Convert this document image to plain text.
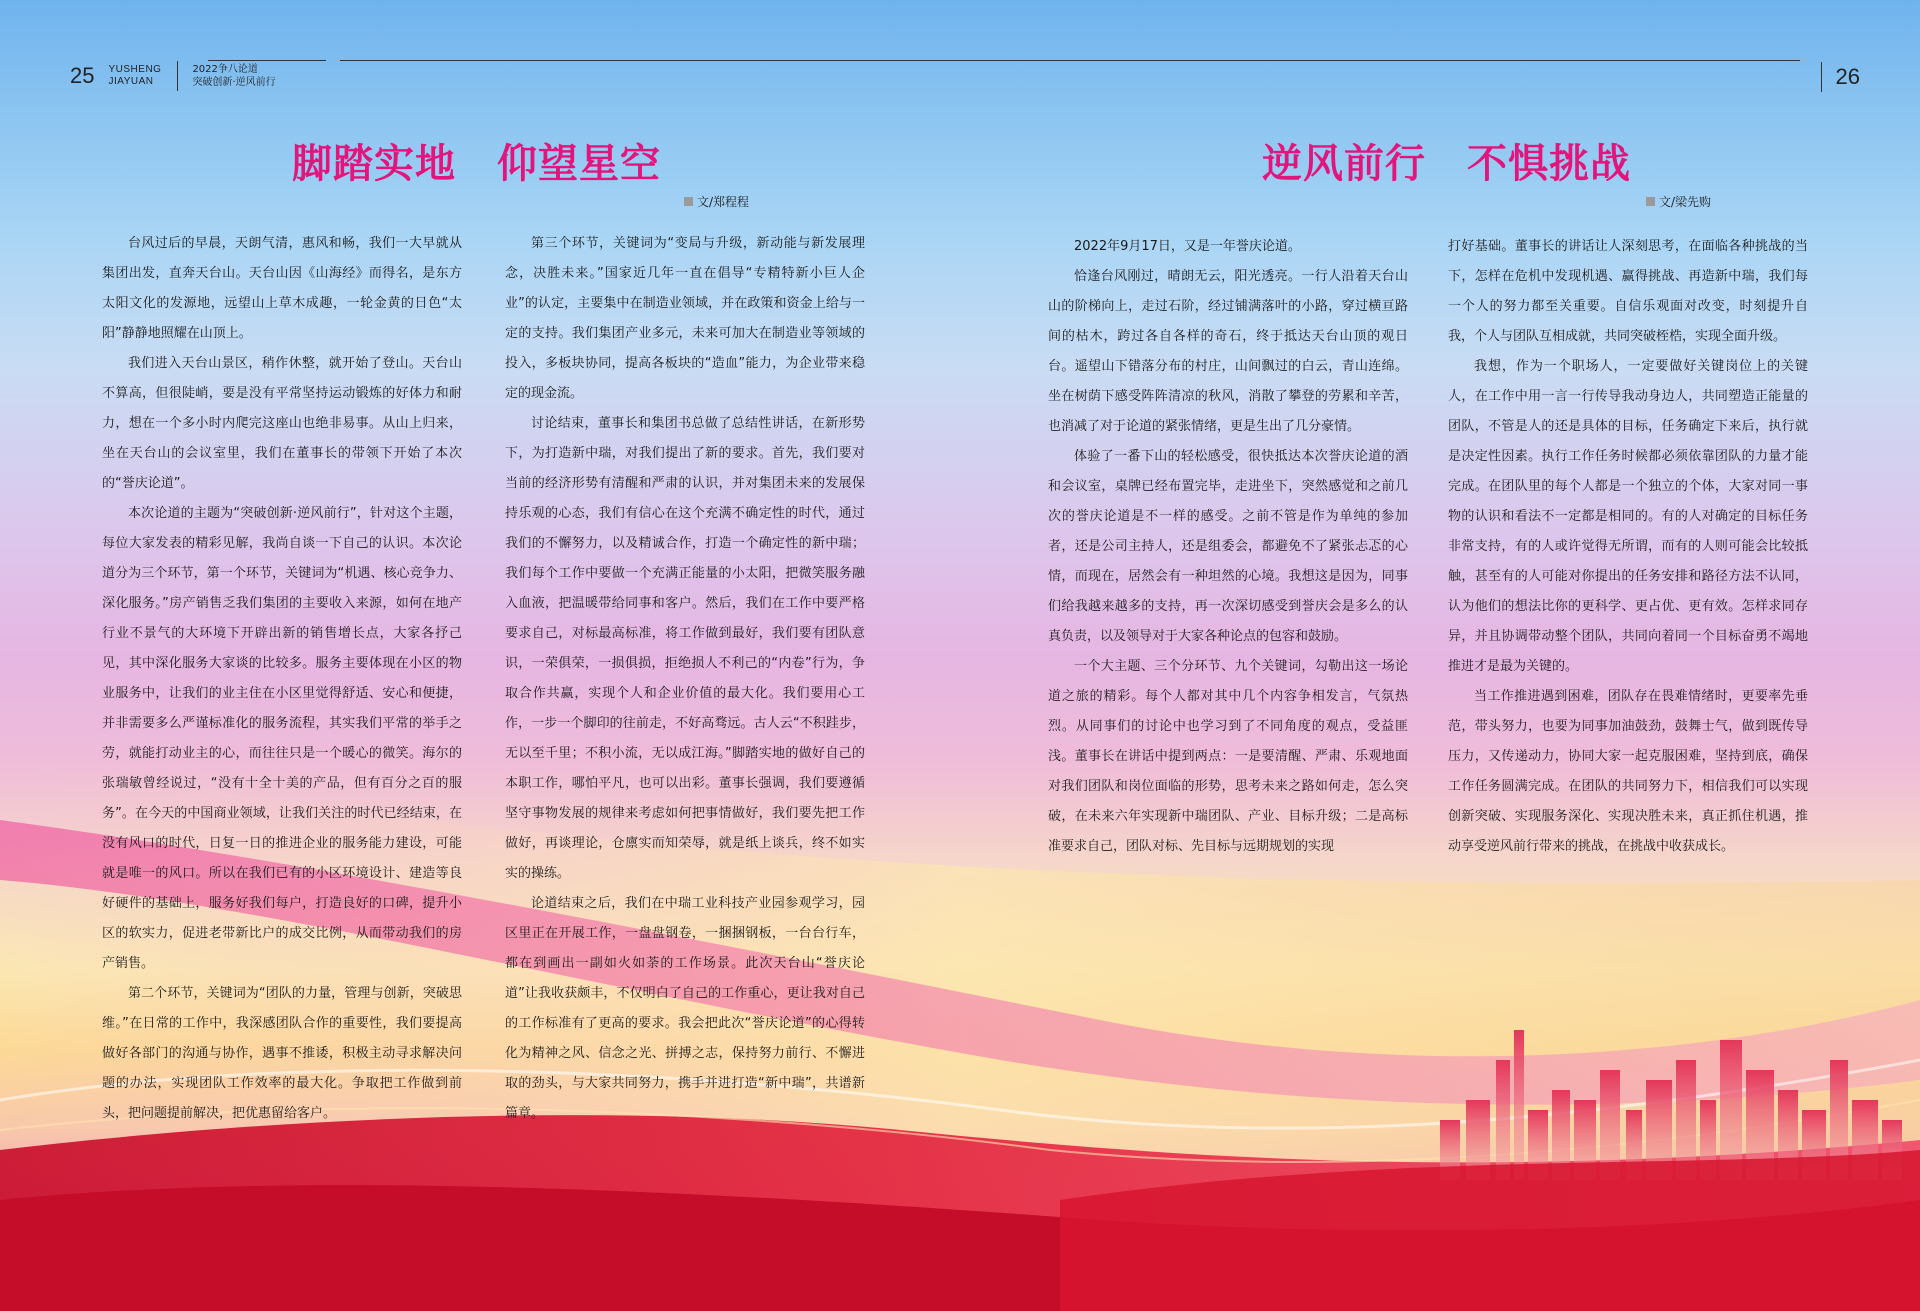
25 YUSHENG
JIAYUAN
2022争八论道
突破创新·逆风前行	26
脚踏实地　仰望星空
文/郑程程
逆风前行　不惧挑战
文/梁先购

台风过后的早晨，天朗气清，惠风和畅，我们一大早就从集团出发，直奔天台山。天台山因《山海经》而得名，是东方太阳文化的发源地，远望山上草木成趣，一轮金黄的日色“太阳”静静地照耀在山顶上。

我们进入天台山景区，稍作休整，就开始了登山。天台山不算高，但很陡峭，要是没有平常坚持运动锻炼的好体力和耐力，想在一个多小时内爬完这座山也绝非易事。从山上归来，坐在天台山的会议室里，我们在董事长的带领下开始了本次的“誉庆论道”。

本次论道的主题为“突破创新·逆风前行”，针对这个主题，每位大家发表的精彩见解，我尚自谈一下自己的认识。本次论道分为三个环节，第一个环节，关键词为“机遇、核心竞争力、深化服务。”房产销售乏我们集团的主要收入来源，如何在地产行业不景气的大环境下开辟出新的销售增长点，大家各抒己见，其中深化服务大家谈的比较多。服务主要体现在小区的物业服务中，让我们的业主住在小区里觉得舒适、安心和便捷，并非需要多么严谨标准化的服务流程，其实我们平常的举手之劳，就能打动业主的心，而往往只是一个暖心的微笑。海尔的张瑞敏曾经说过，“没有十全十美的产品，但有百分之百的服务”。在今天的中国商业领域，让我们关注的时代已经结束，在没有风口的时代，日复一日的推进企业的服务能力建设，可能就是唯一的风口。所以在我们已有的小区环境设计、建造等良好硬件的基础上，服务好我们每户，打造良好的口碑，提升小区的软实力，促进老带新比户的成交比例，从而带动我们的房产销售。

第二个环节，关键词为“团队的力量，管理与创新，突破思维。”在日常的工作中，我深感团队合作的重要性，我们要提高做好各部门的沟通与协作，遇事不推诿，积极主动寻求解决问题的办法，实现团队工作效率的最大化。争取把工作做到前头，把问题提前解决，把优惠留给客户。

第三个环节，关键词为“变局与升级，新动能与新发展理念，决胜未来。”国家近几年一直在倡导“专精特新小巨人企业”的认定，主要集中在制造业领域，并在政策和资金上给与一定的支持。我们集团产业多元，未来可加大在制造业等领域的投入，多板块协同，提高各板块的“造血”能力，为企业带来稳定的现金流。

讨论结束，董事长和集团书总做了总结性讲话，在新形势下，为打造新中瑞，对我们提出了新的要求。首先，我们要对当前的经济形势有清醒和严肃的认识，并对集团未来的发展保持乐观的心态，我们有信心在这个充满不确定性的时代，通过我们的不懈努力，以及精诚合作，打造一个确定性的新中瑞；我们每个工作中要做一个充满正能量的小太阳，把微笑服务融入血液，把温暖带给同事和客户。然后，我们在工作中要严格要求自己，对标最高标准，将工作做到最好，我们要有团队意识，一荣俱荣，一损俱损，拒绝损人不利己的“内卷”行为，争取合作共赢，实现个人和企业价值的最大化。我们要用心工作，一步一个脚印的往前走，不好高骛远。古人云“不积跬步，无以至千里；不积小流，无以成江海。”脚踏实地的做好自己的本职工作，哪怕平凡，也可以出彩。董事长强调，我们要遵循坚守事物发展的规律来考虑如何把事情做好，我们要先把工作做好，再谈理论，仓廪实而知荣辱，就是纸上谈兵，终不如实实的操练。

论道结束之后，我们在中瑞工业科技产业园参观学习，园区里正在开展工作，一盘盘钢卷，一捆捆钢板，一台台行车，都在到画出一副如火如荼的工作场景。此次天台山“誉庆论道”让我收获颇丰，不仅明白了自己的工作重心，更让我对自己的工作标准有了更高的要求。我会把此次“誉庆论道”的心得转化为精神之风、信念之光、拼搏之志，保持努力前行、不懈进取的劲头，与大家共同努力，携手并进打造“新中瑞”，共谱新篇章。

2022年9月17日，又是一年誉庆论道。

恰逢台风刚过，晴朗无云，阳光透亮。一行人沿着天台山山的阶梯向上，走过石阶，经过铺满落叶的小路，穿过横亘路间的枯木，跨过各自各样的奇石，终于抵达天台山顶的观日台。遥望山下错落分布的村庄，山间飘过的白云，青山连绵。坐在树荫下感受阵阵清凉的秋风，消散了攀登的劳累和辛苦，也消减了对于论道的紧张情绪，更是生出了几分豪情。

体验了一番下山的轻松感受，很快抵达本次誉庆论道的酒和会议室，桌牌已经布置完毕，走进坐下，突然感觉和之前几次的誉庆论道是不一样的感受。之前不管是作为单纯的参加者，还是公司主持人，还是组委会，都避免不了紧张忐忑的心情，而现在，居然会有一种坦然的心境。我想这是因为，同事们给我越来越多的支持，再一次深切感受到誉庆会是多么的认真负责，以及领导对于大家各种论点的包容和鼓励。

一个大主题、三个分环节、九个关键词，勾勒出这一场论道之旅的精彩。每个人都对其中几个内容争相发言，气氛热烈。从同事们的讨论中也学习到了不同角度的观点，受益匪浅。董事长在讲话中提到两点：一是要清醒、严肃、乐观地面对我们团队和岗位面临的形势，思考未来之路如何走，怎么突破，在未来六年实现新中瑞团队、产业、目标升级；二是高标准要求自己，团队对标、先目标与远期规划的实现

打好基础。董事长的讲话让人深刻思考，在面临各种挑战的当下，怎样在危机中发现机遇、赢得挑战、再造新中瑞，我们每一个人的努力都至关重要。自信乐观面对改变，时刻提升自我，个人与团队互相成就，共同突破桎梏，实现全面升级。

我想，作为一个职场人，一定要做好关键岗位上的关键人，在工作中用一言一行传导我动身边人，共同塑造正能量的团队，不管是人的还是具体的目标，任务确定下来后，执行就是决定性因素。执行工作任务时候都必须依靠团队的力量才能完成。在团队里的每个人都是一个独立的个体，大家对同一事物的认识和看法不一定都是相同的。有的人对确定的目标任务非常支持，有的人或许觉得无所谓，而有的人则可能会比较抵触，甚至有的人可能对你提出的任务安排和路径方法不认同，认为他们的想法比你的更科学、更占优、更有效。怎样求同存异，并且协调带动整个团队，共同向着同一个目标奋勇不竭地推进才是最为关键的。

当工作推进遇到困难，团队存在畏难情绪时，更要率先垂范，带头努力，也要为同事加油鼓劲，鼓舞士气，做到既传导压力，又传递动力，协同大家一起克服困难，坚持到底，确保工作任务圆满完成。在团队的共同努力下，相信我们可以实现创新突破、实现服务深化、实现决胜未来，真正抓住机遇，推动享受逆风前行带来的挑战，在挑战中收获成长。
